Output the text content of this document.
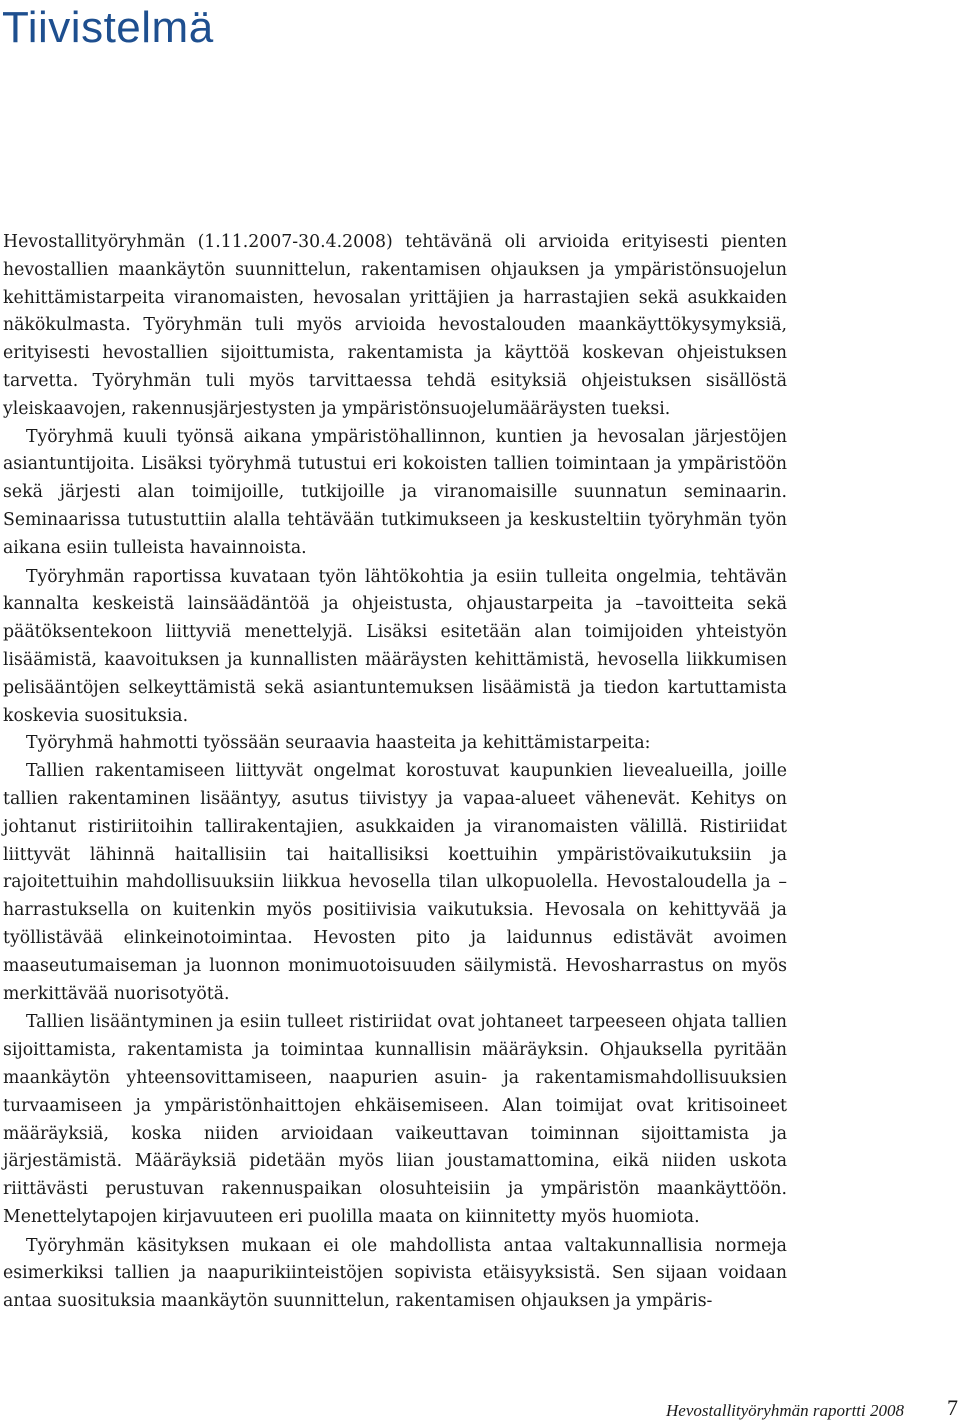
Tiivistelmä

Hevostallityöryhmän (1.11.2007-30.4.2008) tehtävänä oli arvioida erityisesti pienten hevostallien maankäytön suunnittelun, rakentamisen ohjauksen ja ympäristönsuojelun kehittämistarpeita viranomaisten, hevosalan yrittäjien ja harrastajien sekä asukkaiden näkökulmasta. Työryhmän tuli myös arvioida hevostalouden maankäyttökysymyksiä, erityisesti hevostallien sijoittumista, rakentamista ja käyttöä koskevan ohjeistuksen tarvetta. Työryhmän tuli myös tarvittaessa tehdä esityksiä ohjeistuksen sisällöstä yleiskaavojen, rakennusjärjestysten ja ympäristönsuojelumääräysten tueksi.

Työryhmä kuuli työnsä aikana ympäristöhallinnon, kuntien ja hevosalan järjestöjen asiantuntijoita. Lisäksi työryhmä tutustui eri kokoisten tallien toimintaan ja ympäristöön sekä järjesti alan toimijoille, tutkijoille ja viranomaisille suunnatun seminaarin. Seminaarissa tutustuttiin alalla tehtävään tutkimukseen ja keskusteltiin työryhmän työn aikana esiin tulleista havainnoista.

Työryhmän raportissa kuvataan työn lähtökohtia ja esiin tulleita ongelmia, tehtävän kannalta keskeistä lainsäädäntöä ja ohjeistusta, ohjaustarpeita ja –tavoitteita sekä päätöksentekoon liittyviä menettelyjä. Lisäksi esitetään alan toimijoiden yhteistyön lisäämistä, kaavoituksen ja kunnallisten määräysten kehittämistä, hevosella liikkumisen pelisääntöjen selkeyttämistä sekä asiantuntemuksen lisäämistä ja tiedon kartuttamista koskevia suosituksia.

Työryhmä hahmotti työssään seuraavia haasteita ja kehittämistarpeita:

Tallien rakentamiseen liittyvät ongelmat korostuvat kaupunkien lievealueilla, joille tallien rakentaminen lisääntyy, asutus tiivistyy ja vapaa-alueet vähenevät. Kehitys on johtanut ristiriitoihin tallirakentajien, asukkaiden ja viranomaisten välillä. Ristiriidat liittyvät lähinnä haitallisiin tai haitallisiksi koettuihin ympäristövaikutuksiin ja rajoitettuihin mahdollisuuksiin liikkua hevosella tilan ulkopuolella. Hevostaloudella ja –harrastuksella on kuitenkin myös positiivisia vaikutuksia. Hevosala on kehittyvää ja työllistävää elinkeinotoimintaa. Hevosten pito ja laidunnus edistävät avoimen maaseutumaiseman ja luonnon monimuotoisuuden säilymistä. Hevosharrastus on myös merkittävää nuorisotyötä.

Tallien lisääntyminen ja esiin tulleet ristiriidat ovat johtaneet tarpeeseen ohjata tallien sijoittamista, rakentamista ja toimintaa kunnallisin määräyksin. Ohjauksella pyritään maankäytön yhteensovittamiseen, naapurien asuin- ja rakentamismahdollisuuksien turvaamiseen ja ympäristönhaittojen ehkäisemiseen. Alan toimijat ovat kritisoineet määräyksiä, koska niiden arvioidaan vaikeuttavan toiminnan sijoittamista ja järjestämistä. Määräyksiä pidetään myös liian joustamattomina, eikä niiden uskota riittävästi perustuvan rakennuspaikan olosuhteisiin ja ympäristön maankäyttöön. Menettelytapojen kirjavuuteen eri puolilla maata on kiinnitetty myös huomiota.

Työryhmän käsityksen mukaan ei ole mahdollista antaa valtakunnallisia normeja esimerkiksi tallien ja naapurikiinteistöjen sopivista etäisyyksistä. Sen sijaan voidaan antaa suosituksia maankäytön suunnittelun, rakentamisen ohjauksen ja ympäris-

Hevostallityöryhmän raportti 2008 7
